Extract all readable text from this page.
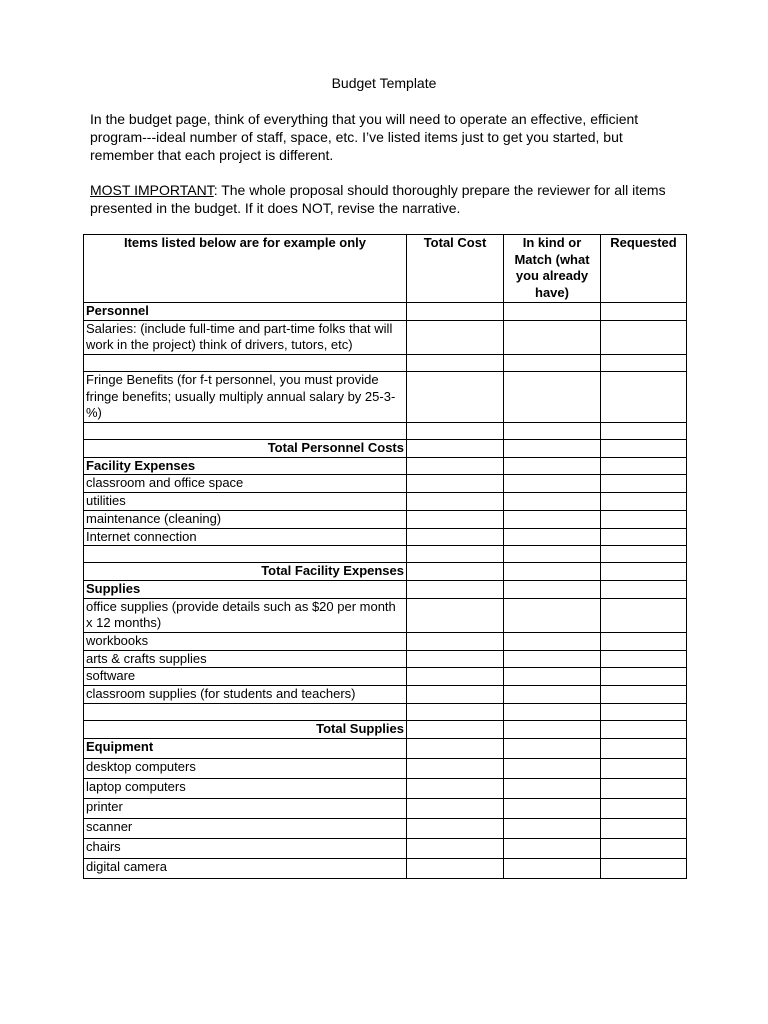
Budget Template
In the budget page, think of everything that you will need to operate an effective, efficient program---ideal number of staff, space, etc. I’ve listed items just to get you started, but remember that each project is different.
MOST IMPORTANT: The whole proposal should thoroughly prepare the reviewer for all items presented in the budget. If it does NOT, revise the narrative.
Items listed below are for example only	Total Cost	In kind or Match (what you already have)	Requested
Personnel			
Salaries: (include full-time and part-time folks that will work in the project) think of drivers, tutors, etc)			

Fringe Benefits (for f-t personnel, you must provide fringe benefits; usually multiply annual salary by 25-3-%)			

Total Personnel Costs			
Facility Expenses			
classroom and office space			
utilities			
maintenance (cleaning)			
Internet connection			

Total Facility Expenses			
Supplies			
office supplies (provide details such as $20 per month x 12 months)			
workbooks			
arts & crafts supplies			
software			
classroom supplies (for students and teachers)			

Total Supplies			
Equipment			
desktop computers			
laptop computers			
printer			
scanner			
chairs			
digital camera			
